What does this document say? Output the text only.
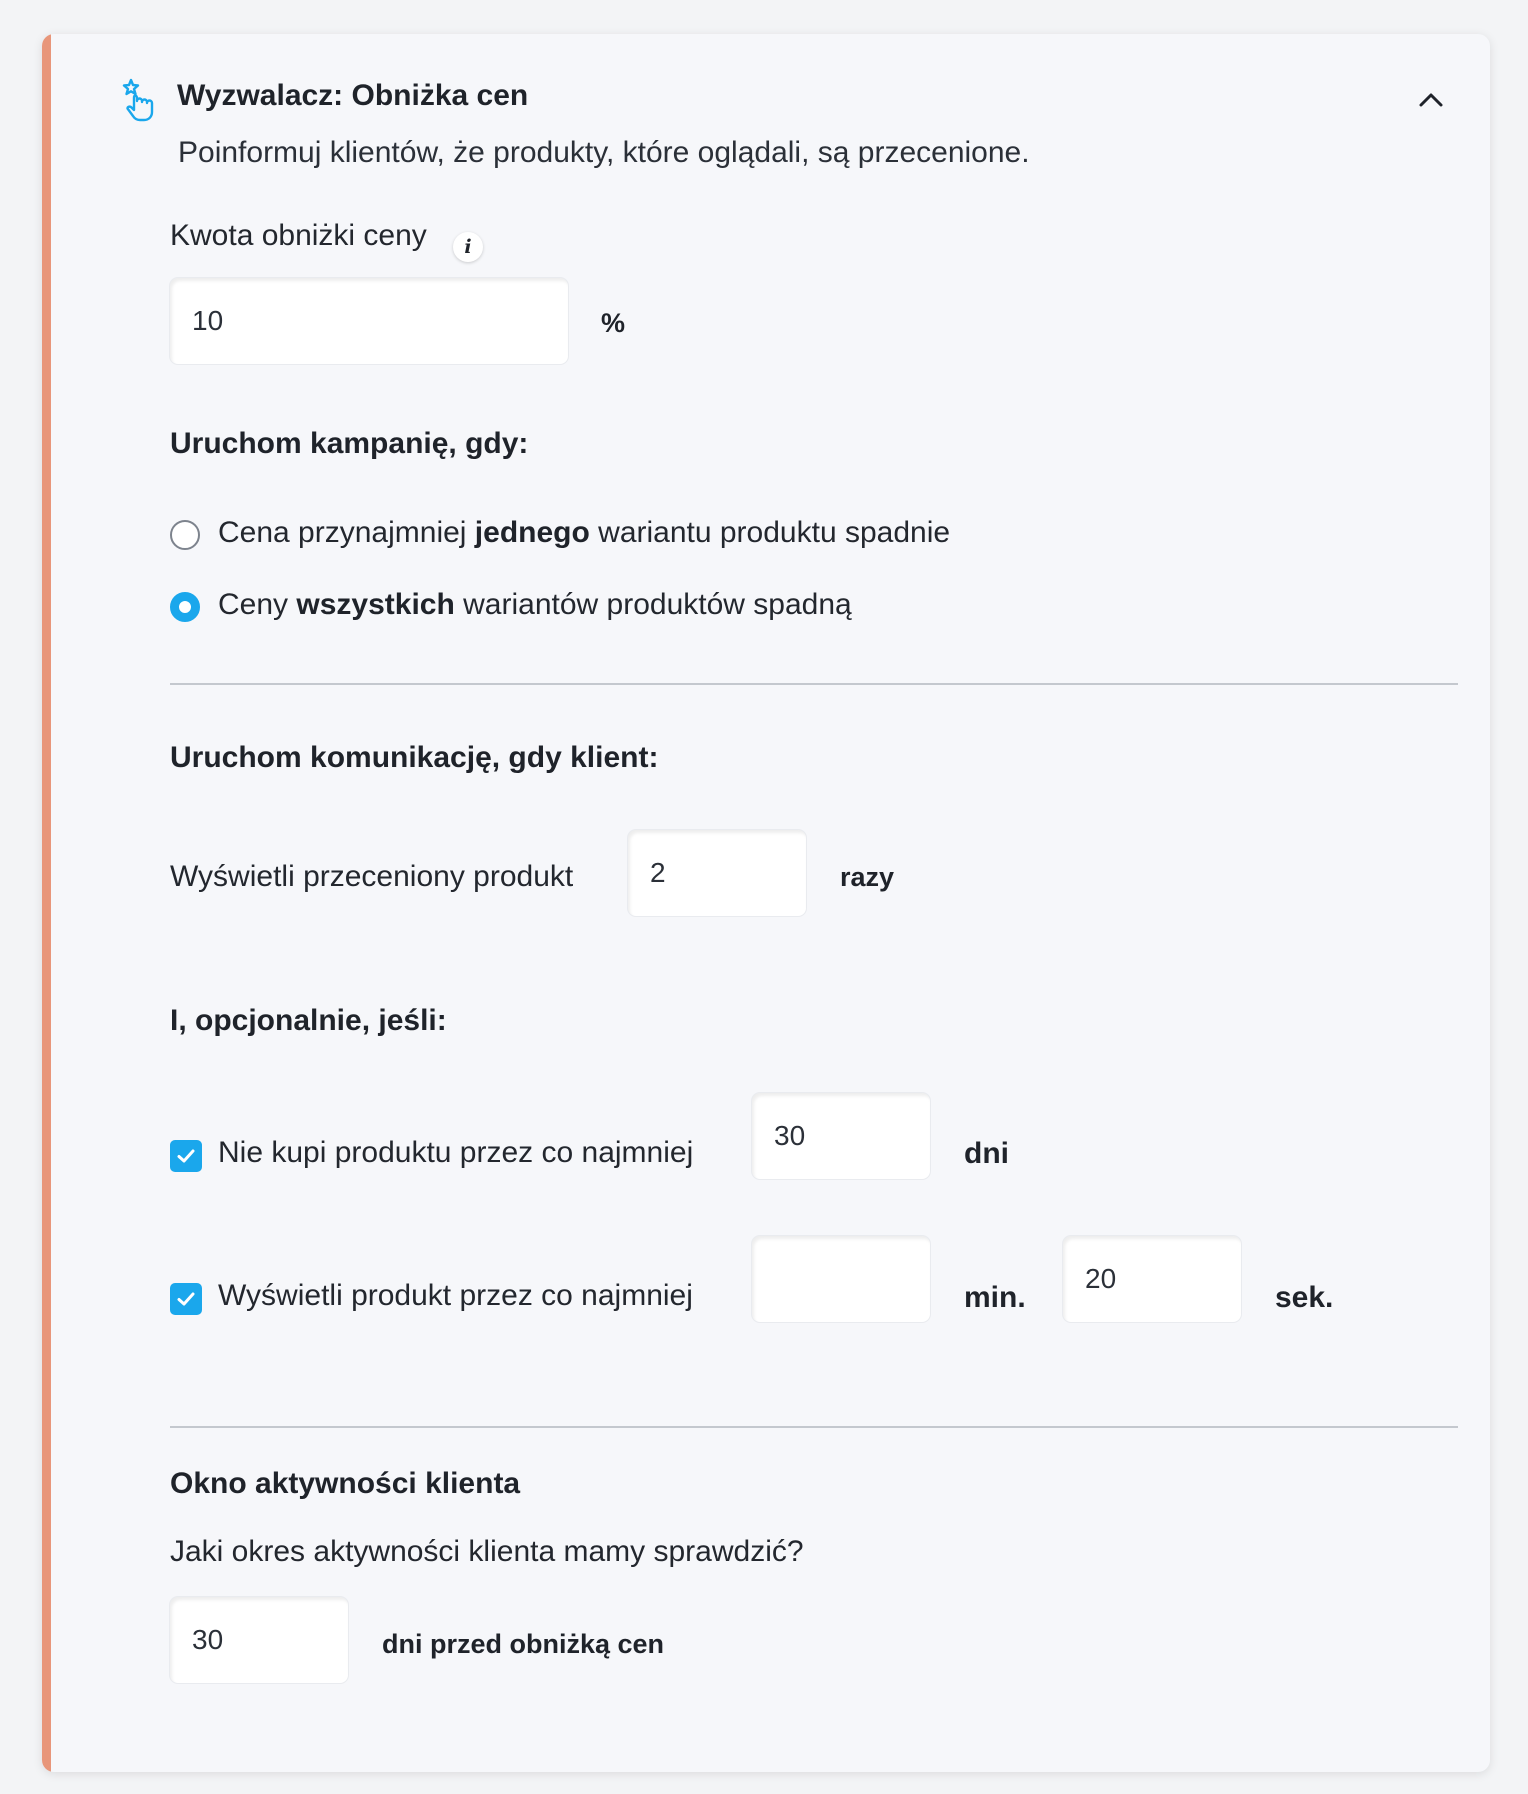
Wyzwalacz: Obniżka cen
Poinformuj klientów, że produkty, które oglądali, są przecenione.
Kwota obniżki ceny	i
10
%
Uruchom kampanię, gdy:
Cena przynajmniej jednego wariantu produktu spadnie
Ceny wszystkich wariantów produktów spadną
Uruchom komunikację, gdy klient:
Wyświetli przeceniony produkt
2	razy
I, opcjonalnie, jeśli:
Nie kupi produktu przez co najmniej
30	dni
Wyświetli produkt przez co najmniej	min.
20	sek.
Okno aktywności klienta
Jaki okres aktywności klienta mamy sprawdzić?
30
dni przed obniżką cen
